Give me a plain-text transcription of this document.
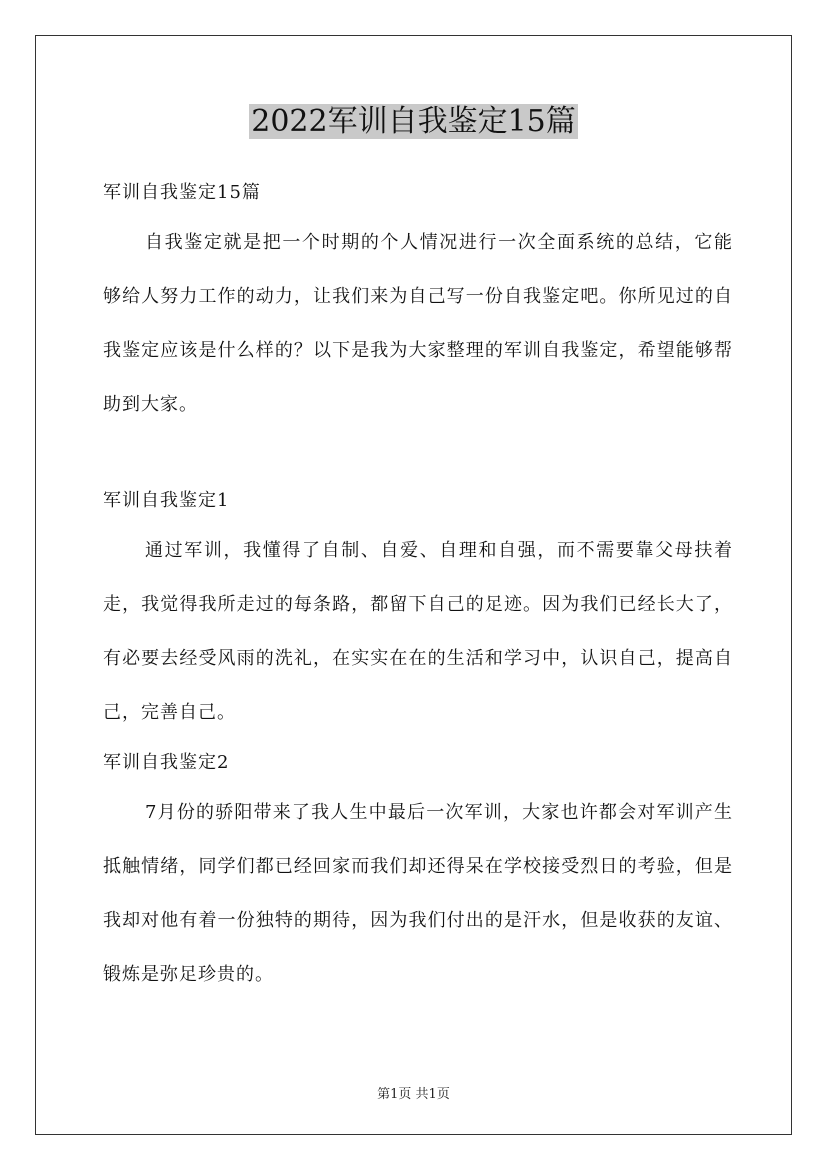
2022军训自我鉴定15篇

军训自我鉴定15篇

自我鉴定就是把一个时期的个人情况进行一次全面系统的总结，它能够给人努力工作的动力，让我们来为自己写一份自我鉴定吧。你所见过的自我鉴定应该是什么样的？以下是我为大家整理的军训自我鉴定，希望能够帮助到大家。

军训自我鉴定1

通过军训，我懂得了自制、自爱、自理和自强，而不需要靠父母扶着走，我觉得我所走过的每条路，都留下自己的足迹。因为我们已经长大了，有必要去经受风雨的洗礼，在实实在在的生活和学习中，认识自己，提高自己，完善自己。

军训自我鉴定2

7月份的骄阳带来了我人生中最后一次军训，大家也许都会对军训产生抵触情绪，同学们都已经回家而我们却还得呆在学校接受烈日的考验，但是我却对他有着一份独特的期待，因为我们付出的是汗水，但是收获的友谊、锻炼是弥足珍贵的。

第1页 共1页
